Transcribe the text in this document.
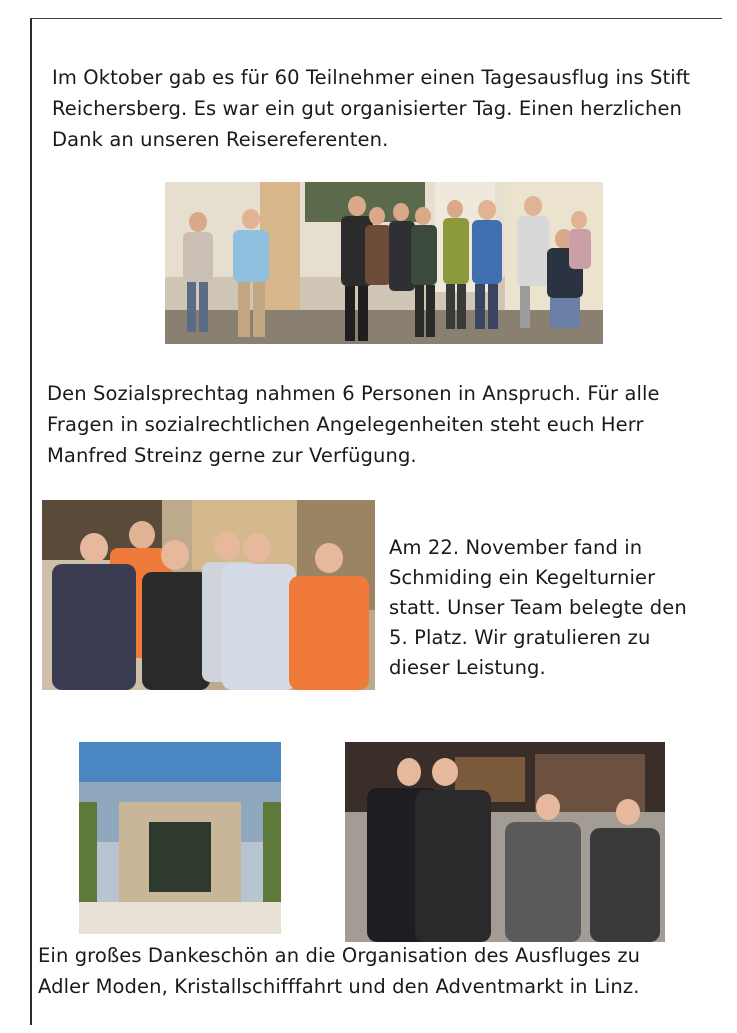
Im Oktober gab es für 60 Teilnehmer einen Tagesausflug ins Stift
Reichersberg. Es war ein gut organisierter Tag. Einen herzlichen
Dank an unseren Reisereferenten.
Den Sozialsprechtag nahmen 6 Personen in Anspruch. Für alle
Fragen in sozialrechtlichen Angelegenheiten steht euch Herr
Manfred Streinz gerne zur Verfügung.
Am 22. November fand in
Schmiding ein Kegelturnier
statt. Unser Team belegte den
5. Platz. Wir gratulieren zu
dieser Leistung.
Ein großes Dankeschön an die Organisation des Ausfluges zu
Adler Moden, Kristallschifffahrt und den Adventmarkt in Linz.
